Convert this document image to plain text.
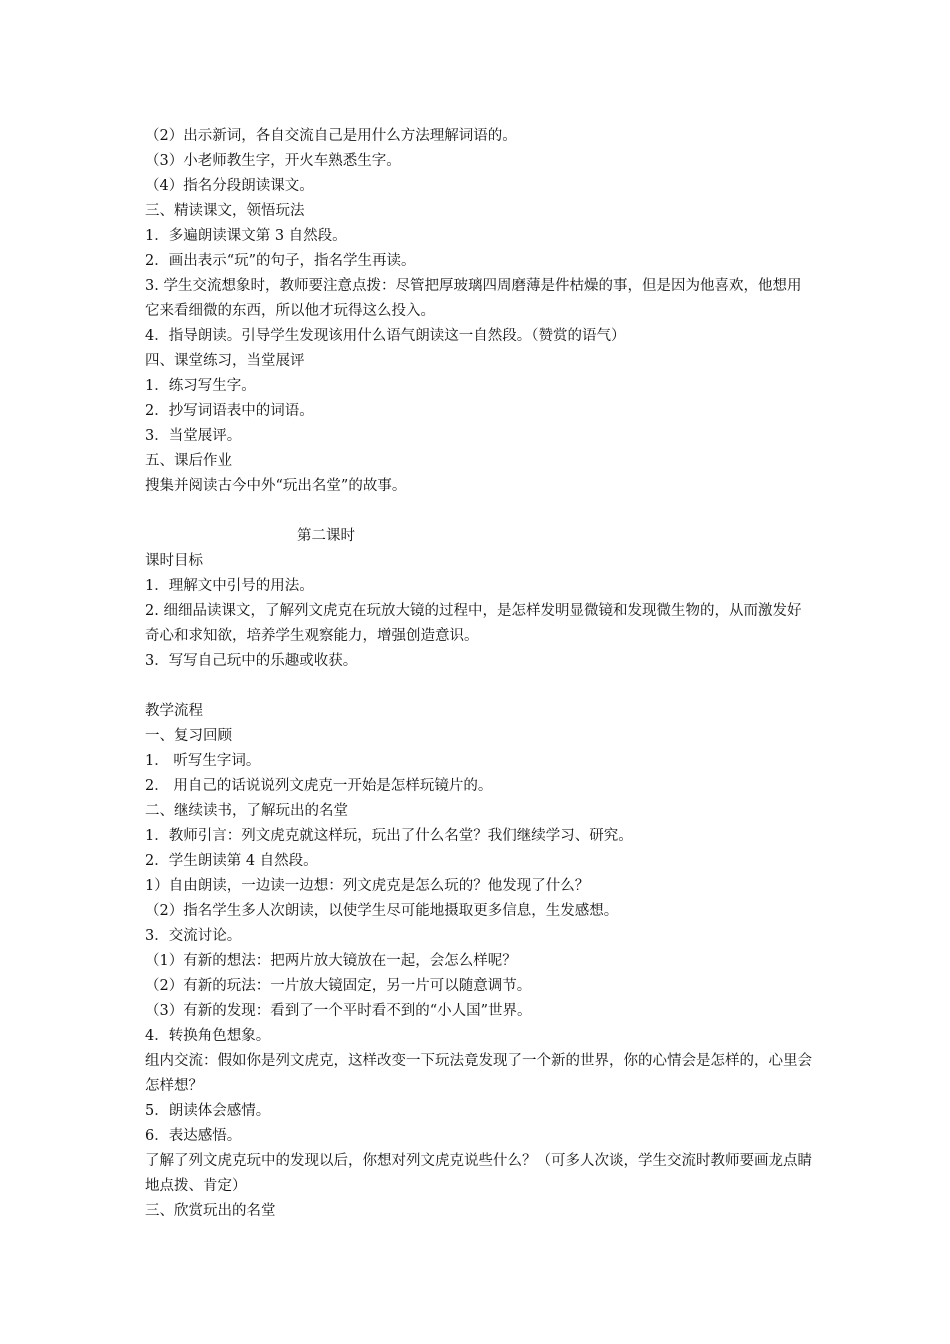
（2）出示新词，各自交流自己是用什么方法理解词语的。
（3）小老师教生字，开火车熟悉生字。
（4）指名分段朗读课文。
三、精读课文，领悟玩法
1．多遍朗读课文第 3 自然段。
2．画出表示“玩”的句子，指名学生再读。
3. 学生交流想象时，教师要注意点拨：尽管把厚玻璃四周磨薄是件枯燥的事，但是因为他喜欢，他想用它来看细微的东西，所以他才玩得这么投入。
4．指导朗读。引导学生发现该用什么语气朗读这一自然段。（赞赏的语气）
四、课堂练习，当堂展评
1．练习写生字。
2．抄写词语表中的词语。
3．当堂展评。
五、课后作业
搜集并阅读古今中外“玩出名堂”的故事。
第二课时
课时目标
1．理解文中引号的用法。
2. 细细品读课文，了解列文虎克在玩放大镜的过程中，是怎样发明显微镜和发现微生物的，从而激发好奇心和求知欲，培养学生观察能力，增强创造意识。
3．写写自己玩中的乐趣或收获。
教学流程
一、复习回顾
1． 听写生字词。
2． 用自己的话说说列文虎克一开始是怎样玩镜片的。
二、继续读书，了解玩出的名堂
1．教师引言：列文虎克就这样玩，玩出了什么名堂？我们继续学习、研究。
2．学生朗读第 4 自然段。
1）自由朗读，一边读一边想：列文虎克是怎么玩的？他发现了什么？
（2）指名学生多人次朗读，以使学生尽可能地摄取更多信息，生发感想。
3．交流讨论。
（1）有新的想法：把两片放大镜放在一起，会怎么样呢？
（2）有新的玩法：一片放大镜固定，另一片可以随意调节。
（3）有新的发现：看到了一个平时看不到的“小人国”世界。
4．转换角色想象。
组内交流：假如你是列文虎克，这样改变一下玩法竟发现了一个新的世界，你的心情会是怎样的，心里会怎样想？
5．朗读体会感情。
6．表达感悟。
了解了列文虎克玩中的发现以后，你想对列文虎克说些什么？（可多人次谈，学生交流时教师要画龙点睛地点拨、肯定）
三、欣赏玩出的名堂
